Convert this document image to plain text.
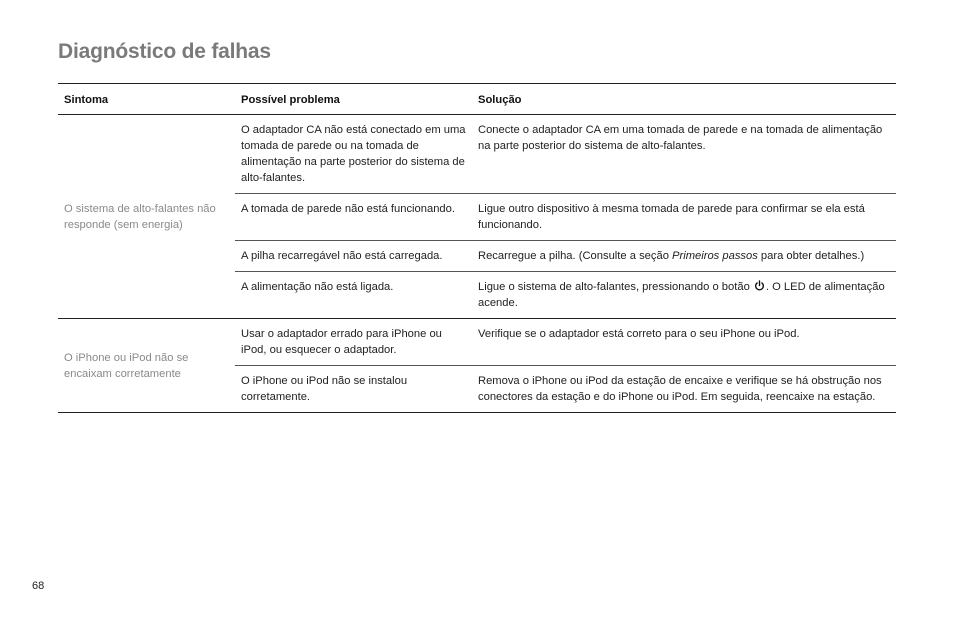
Diagnóstico de falhas
Sintoma	Possível problema	Solução
O sistema de alto-falantes não responde (sem energia)	O adaptador CA não está conectado em uma tomada de parede ou na tomada de alimentação na parte posterior do sistema de alto-falantes.	Conecte o adaptador CA em uma tomada de parede e na tomada de alimentação na parte posterior do sistema de alto-falantes.
	A tomada de parede não está funcionando.	Ligue outro dispositivo à mesma tomada de parede para confirmar se ela está funcionando.
	A pilha recarregável não está carregada.	Recarregue a pilha. (Consulte a seção Primeiros passos para obter detalhes.)
	A alimentação não está ligada.	Ligue o sistema de alto-falantes, pressionando o botão . O LED de alimentação acende.
O iPhone ou iPod não se encaixam corretamente	Usar o adaptador errado para iPhone ou iPod, ou esquecer o adaptador.	Verifique se o adaptador está correto para o seu iPhone ou iPod.
	O iPhone ou iPod não se instalou corretamente.	Remova o iPhone ou iPod da estação de encaixe e verifique se há obstrução nos conectores da estação e do iPhone ou iPod. Em seguida, reencaixe na estação.
68
